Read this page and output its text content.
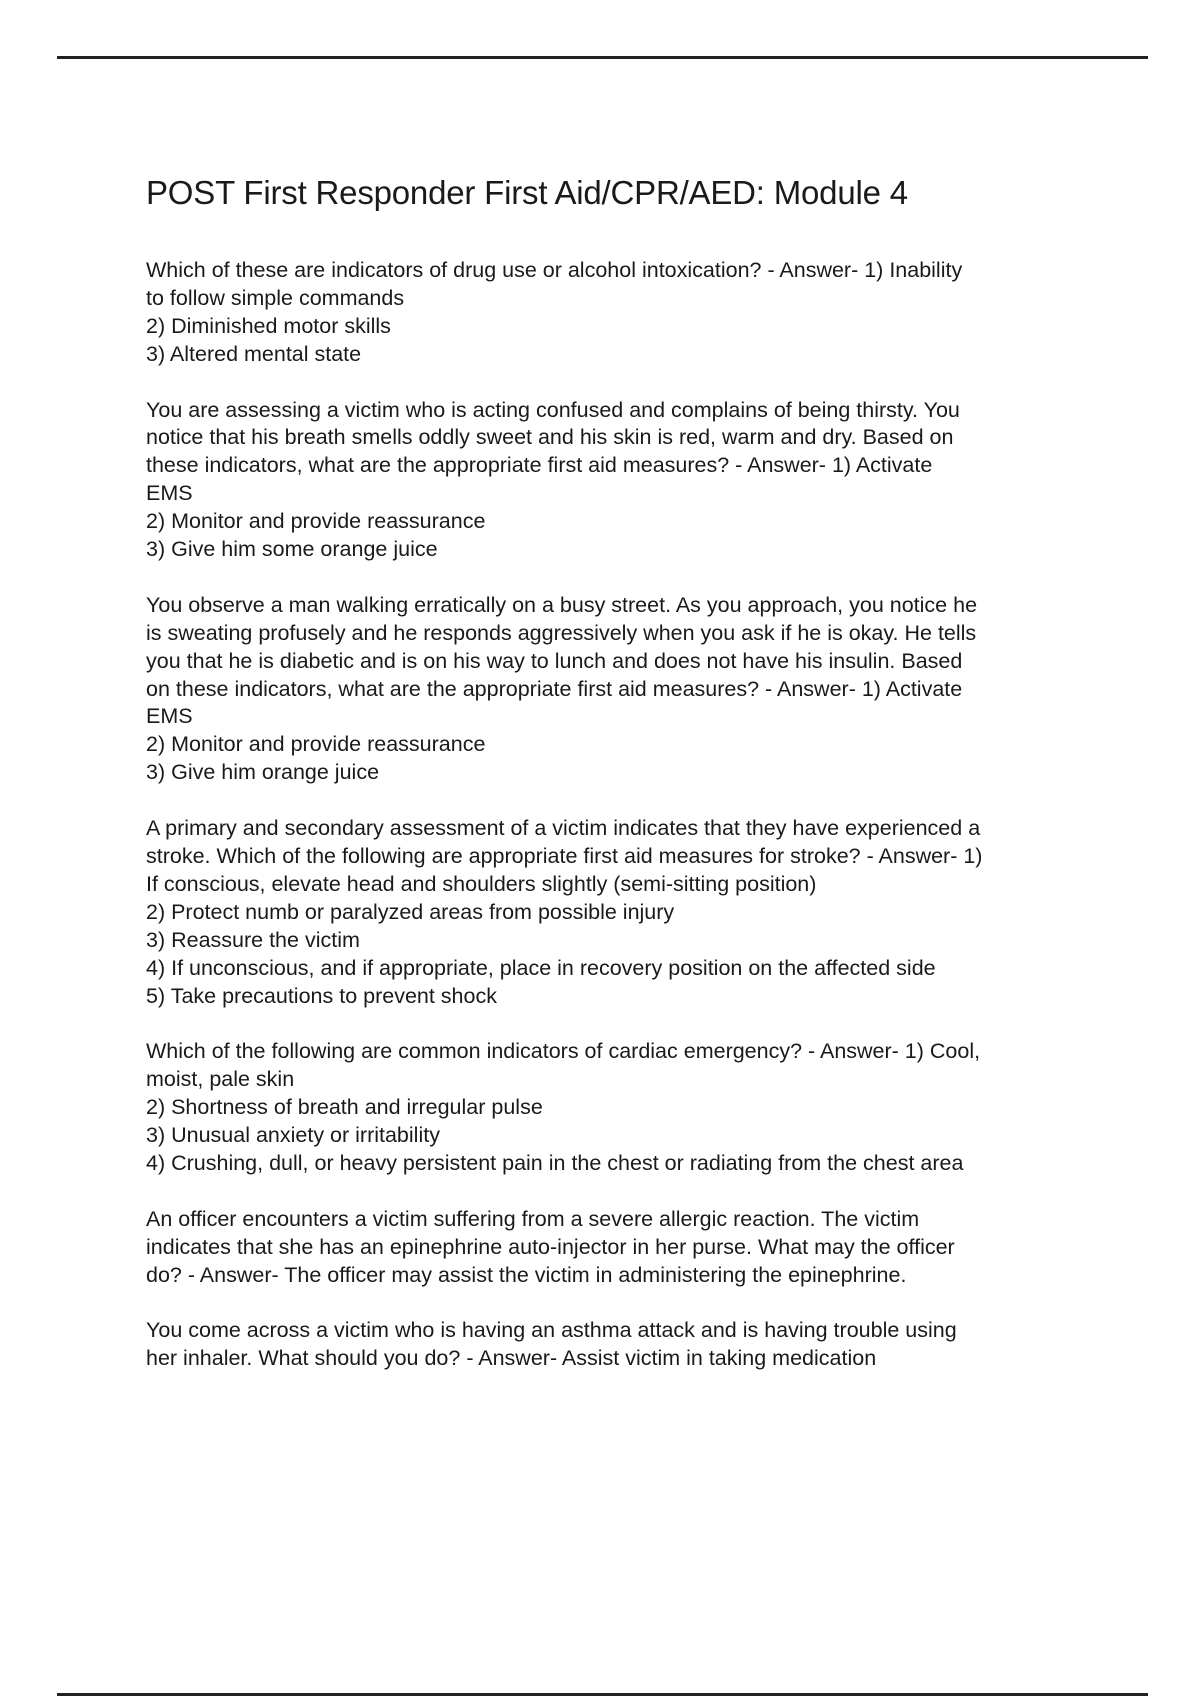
POST First Responder First Aid/CPR/AED: Module 4

Which of these are indicators of drug use or alcohol intoxication? - Answer- 1) Inability
to follow simple commands
2) Diminished motor skills
3) Altered mental state

You are assessing a victim who is acting confused and complains of being thirsty. You
notice that his breath smells oddly sweet and his skin is red, warm and dry. Based on
these indicators, what are the appropriate first aid measures? - Answer- 1) Activate
EMS
2) Monitor and provide reassurance
3) Give him some orange juice

You observe a man walking erratically on a busy street. As you approach, you notice he
is sweating profusely and he responds aggressively when you ask if he is okay. He tells
you that he is diabetic and is on his way to lunch and does not have his insulin. Based
on these indicators, what are the appropriate first aid measures? - Answer- 1) Activate
EMS
2) Monitor and provide reassurance
3) Give him orange juice

A primary and secondary assessment of a victim indicates that they have experienced a
stroke. Which of the following are appropriate first aid measures for stroke? - Answer- 1)
If conscious, elevate head and shoulders slightly (semi-sitting position)
2) Protect numb or paralyzed areas from possible injury
3) Reassure the victim
4) If unconscious, and if appropriate, place in recovery position on the affected side
5) Take precautions to prevent shock

Which of the following are common indicators of cardiac emergency? - Answer- 1) Cool,
moist, pale skin
2) Shortness of breath and irregular pulse
3) Unusual anxiety or irritability
4) Crushing, dull, or heavy persistent pain in the chest or radiating from the chest area

An officer encounters a victim suffering from a severe allergic reaction. The victim
indicates that she has an epinephrine auto-injector in her purse. What may the officer
do? - Answer- The officer may assist the victim in administering the epinephrine.

You come across a victim who is having an asthma attack and is having trouble using
her inhaler. What should you do? - Answer- Assist victim in taking medication
